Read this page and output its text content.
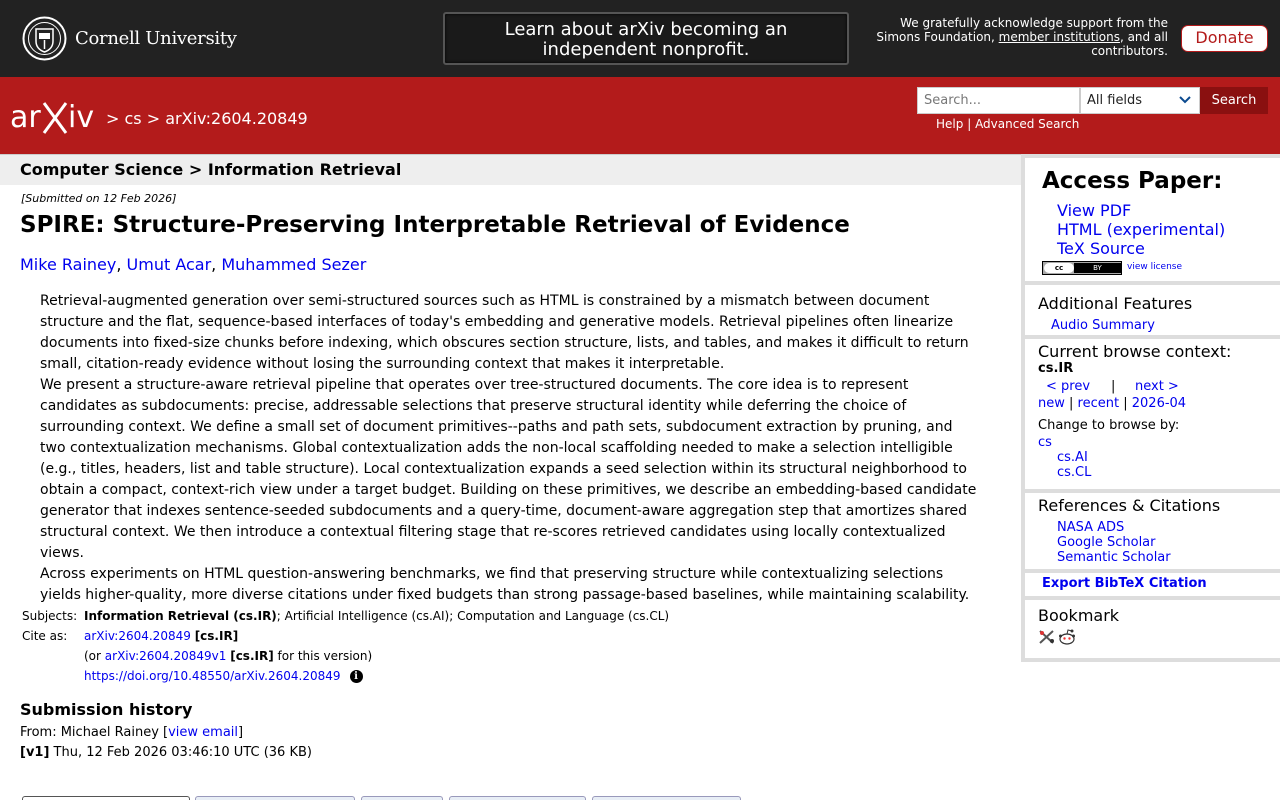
Cornell University	Learn about arXiv becoming an independent nonprofit.
We gratefully acknowledge support from the
Simons Foundation, member institutions, and all
contributors.
Donate
ar iv > cs > arXiv:2604.20849
Search...	All fields	Search
Help | Advanced Search
Computer Science > Information Retrieval
[Submitted on 12 Feb 2026]
SPIRE: Structure-Preserving Interpretable Retrieval of Evidence
Mike Rainey, Umut Acar, Muhammed Sezer

Retrieval-augmented generation over semi-structured sources such as HTML is constrained by a mismatch between document structure and the flat, sequence-based interfaces of today's embedding and generative models. Retrieval pipelines often linearize documents into fixed-size chunks before indexing, which obscures section structure, lists, and tables, and makes it difficult to return small, citation-ready evidence without losing the surrounding context that makes it interpretable.

We present a structure-aware retrieval pipeline that operates over tree-structured documents. The core idea is to represent candidates as subdocuments: precise, addressable selections that preserve structural identity while deferring the choice of surrounding context. We define a small set of document primitives--paths and path sets, subdocument extraction by pruning, and two contextualization mechanisms. Global contextualization adds the non-local scaffolding needed to make a selection intelligible (e.g., titles, headers, list and table structure). Local contextualization expands a seed selection within its structural neighborhood to obtain a compact, context-rich view under a target budget. Building on these primitives, we describe an embedding-based candidate generator that indexes sentence-seeded subdocuments and a query-time, document-aware aggregation step that amortizes shared structural context. We then introduce a contextual filtering stage that re-scores retrieved candidates using locally contextualized views.

Across experiments on HTML question-answering benchmarks, we find that preserving structure while contextualizing selections yields higher-quality, more diverse citations under fixed budgets than strong passage-based baselines, while maintaining scalability.

Subjects:	Information Retrieval (cs.IR); Artificial Intelligence (cs.AI); Computation and Language (cs.CL)
Cite as:	arXiv:2604.20849 [cs.IR]
	(or arXiv:2604.20849v1 [cs.IR] for this version)
	https://doi.org/10.48550/arXiv.2604.20849 i
Submission history
From: Michael Rainey [view email]
[v1] Thu, 12 Feb 2026 03:46:10 UTC (36 KB)
Access Paper:
View PDF
HTML (experimental)
TeX Source
cc	BY	view license
Additional Features
Audio Summary
Current browse context:
cs.IR
< prev | next >
new | recent | 2026-04
Change to browse by:
cs
cs.AI
cs.CL
References & Citations
NASA ADS
Google Scholar
Semantic Scholar
Export BibTeX Citation
Bookmark
